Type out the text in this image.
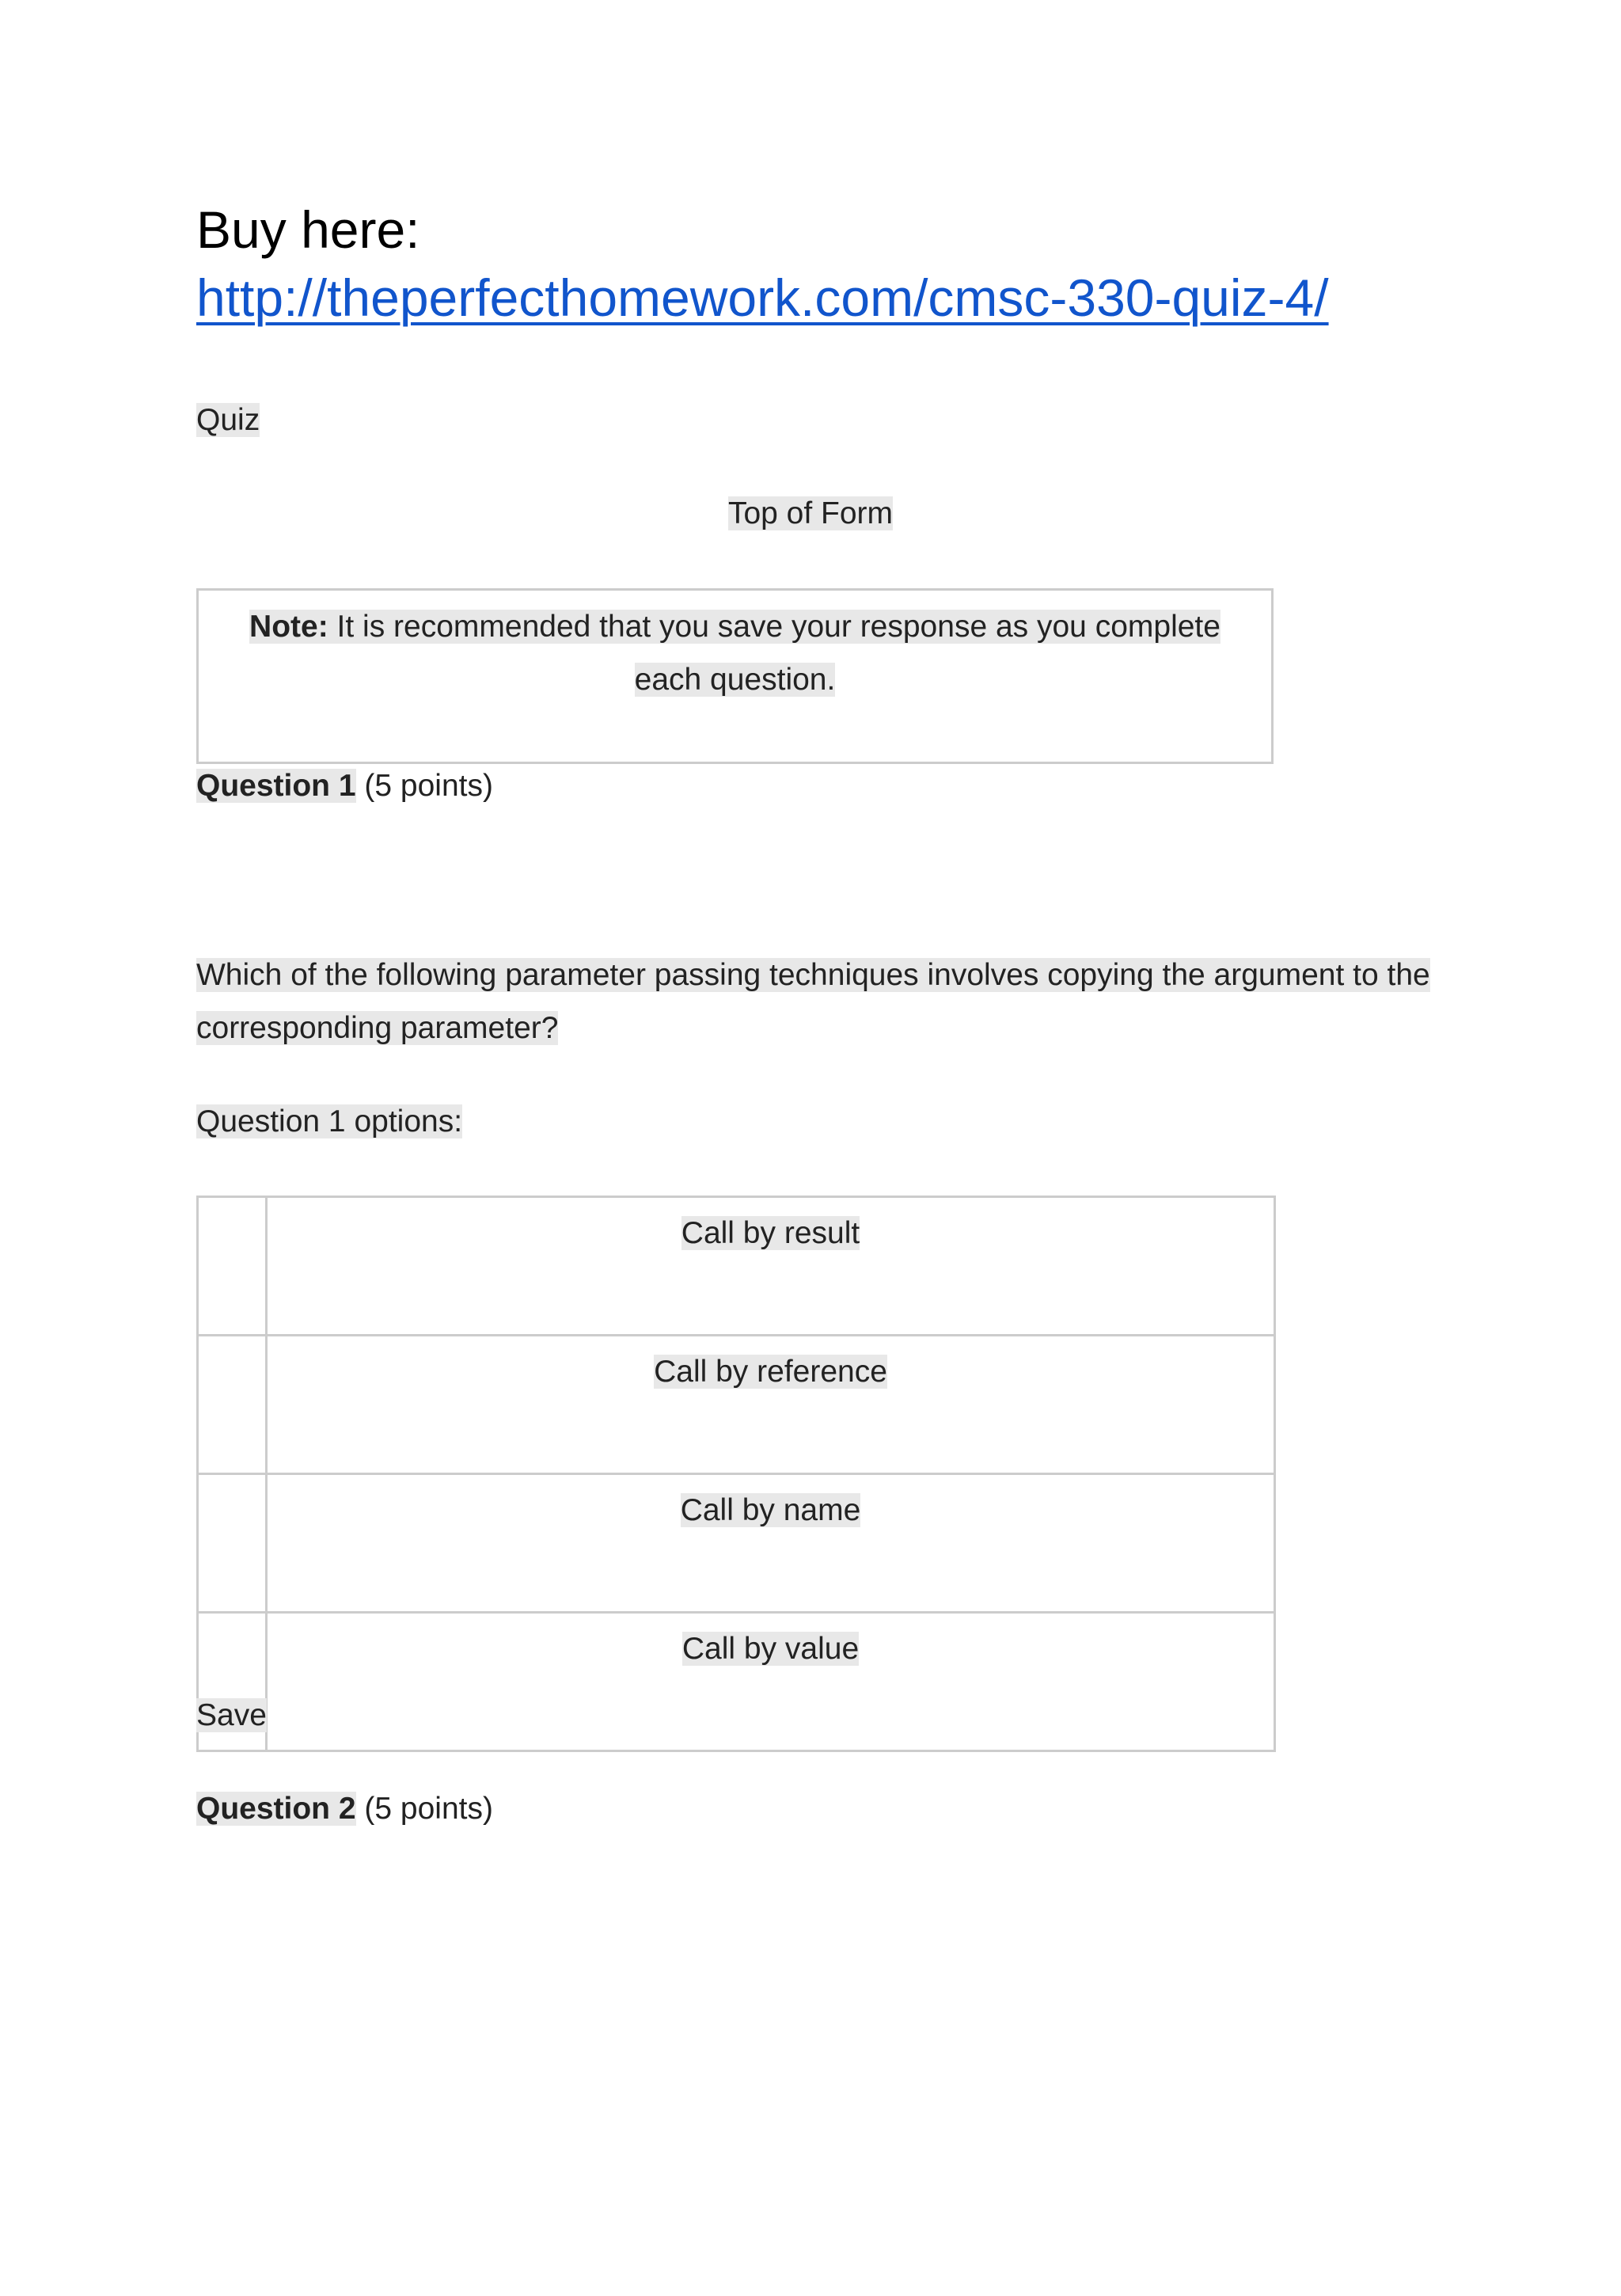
Buy here:
http://theperfecthomework.com/cmsc-330-quiz-4/
Quiz
Top of Form
Note: It is recommended that you save your response as you complete each question.
Question 1 (5 points)
Which of the following parameter passing techniques involves copying the argument to the corresponding parameter?
Question 1 options:
	Call by result
	Call by reference
	Call by name
	Call by value
Save
Question 2 (5 points)
